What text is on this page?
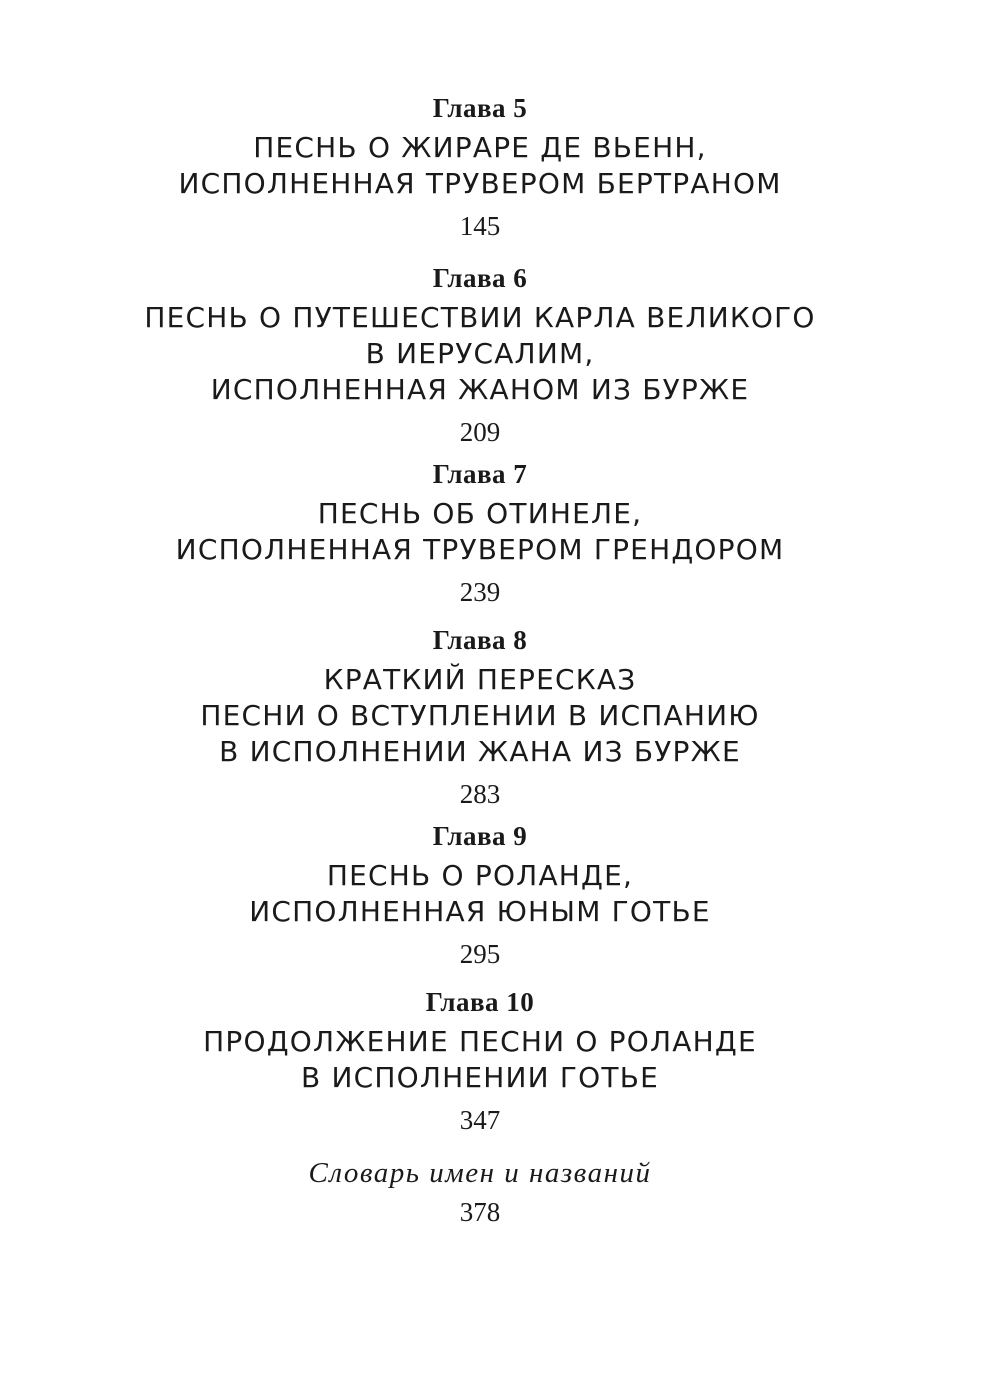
Глава 5
ПЕСНЬ О ЖИРАРЕ ДЕ ВЬЕНН,
ИСПОЛНЕННАЯ ТРУВЕРОМ БЕРТРАНОМ
145
Глава 6
ПЕСНЬ О ПУТЕШЕСТВИИ КАРЛА ВЕЛИКОГО
В ИЕРУСАЛИМ,
ИСПОЛНЕННАЯ ЖАНОМ ИЗ БУРЖЕ
209
Глава 7
ПЕСНЬ ОБ ОТИНЕЛЕ,
ИСПОЛНЕННАЯ ТРУВЕРОМ ГРЕНДОРОМ
239
Глава 8
КРАТКИЙ ПЕРЕСКАЗ
ПЕСНИ О ВСТУПЛЕНИИ В ИСПАНИЮ
В ИСПОЛНЕНИИ ЖАНА ИЗ БУРЖЕ
283
Глава 9
ПЕСНЬ О РОЛАНДЕ,
ИСПОЛНЕННАЯ ЮНЫМ ГОТЬЕ
295
Глава 10
ПРОДОЛЖЕНИЕ ПЕСНИ О РОЛАНДЕ
В ИСПОЛНЕНИИ ГОТЬЕ
347
Словарь имен и названий
378
